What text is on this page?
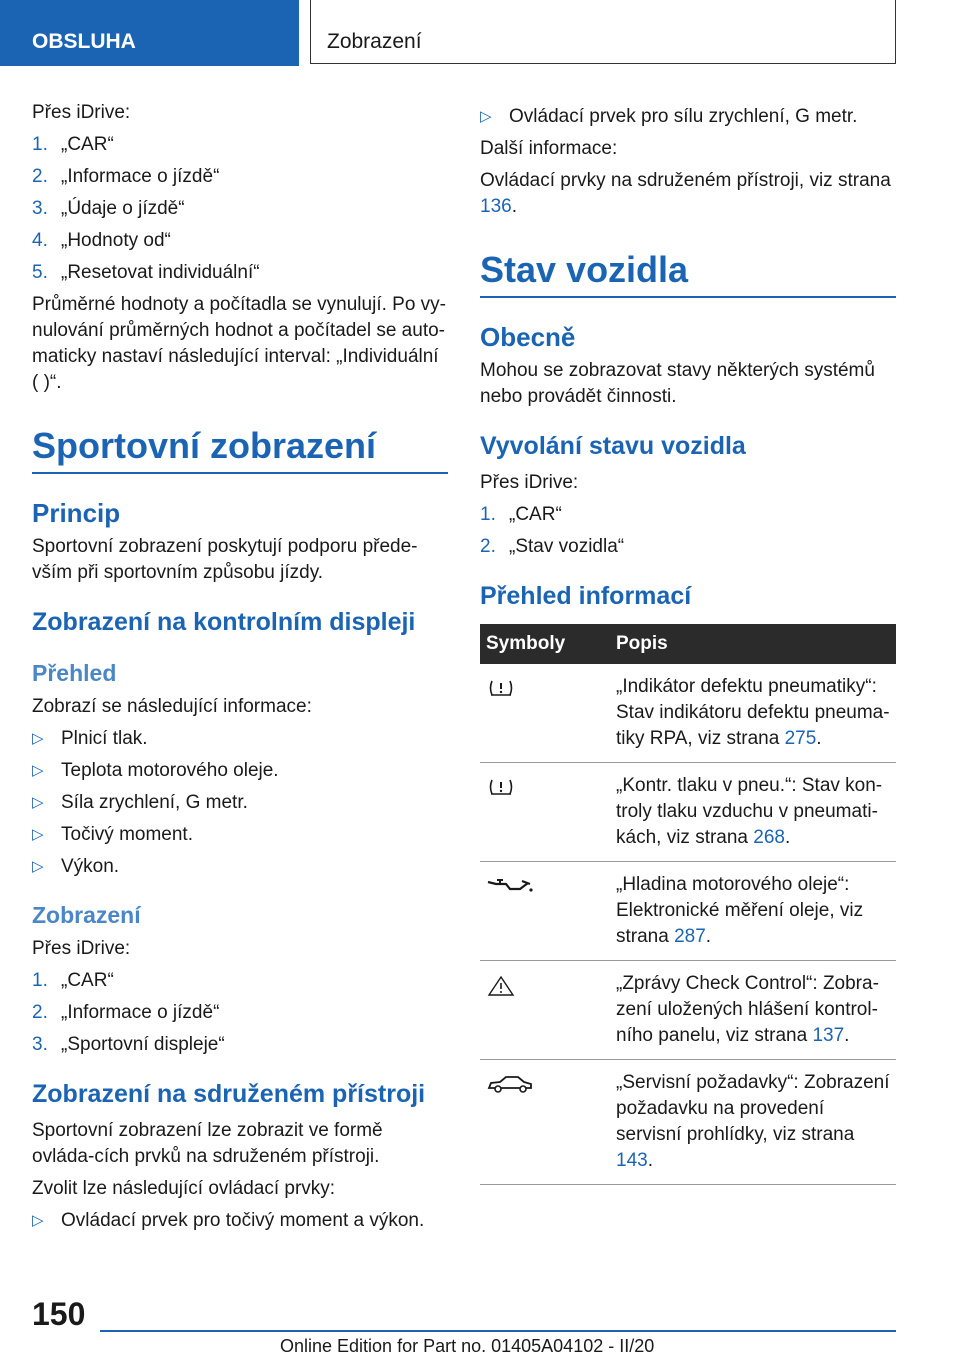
OBSLUHA	Zobrazení

Přes iDrive:

1. „CAR“
2. „Informace o jízdě“
3. „Údaje o jízdě“
4. „Hodnoty od“
5. „Resetovat individuální“

Průměrné hodnoty a počítadla se vynulují. Po vy-nulování průměrných hodnot a počítadel se auto-maticky nastaví následující interval: „Individuální ( )“.

Sportovní zobrazení
Princip

Sportovní zobrazení poskytují podporu přede-vším při sportovním způsobu jízdy.

Zobrazení na kontrolním displeji
Přehled

Zobrazí se následující informace:

▷ Plnicí tlak.
▷ Teplota motorového oleje.
▷ Síla zrychlení, G metr.
▷ Točivý moment.
▷ Výkon.
Zobrazení

Přes iDrive:

1. „CAR“
2. „Informace o jízdě“
3. „Sportovní displeje“
Zobrazení na sdruženém přístroji

Sportovní zobrazení lze zobrazit ve formě ovláda-cích prvků na sdruženém přístroji.

Zvolit lze následující ovládací prvky:

▷ Ovládací prvek pro točivý moment a výkon.
▷ Ovládací prvek pro sílu zrychlení, G metr.

Další informace:

Ovládací prvky na sdruženém přístroji, viz strana 136.

Stav vozidla
Obecně

Mohou se zobrazovat stavy některých systémů nebo provádět činnosti.

Vyvolání stavu vozidla

Přes iDrive:

1. „CAR“
2. „Stav vozidla“
Přehled informací
Symboly	Popis
	„Indikátor defektu pneumatiky“: Stav indikátoru defektu pneuma-tiky RPA, viz strana 275.
	„Kontr. tlaku v pneu.“: Stav kon-troly tlaku vzduchu v pneumati-kách, viz strana 268.
	„Hladina motorového oleje“: Elektronické měření oleje, viz strana 287.
	„Zprávy Check Control“: Zobra-zení uložených hlášení kontrol-ního panelu, viz strana 137.
	„Servisní požadavky“: Zobrazení požadavku na provedení servisní prohlídky, viz strana 143.
150
Online Edition for Part no. 01405A04102 - II/20
